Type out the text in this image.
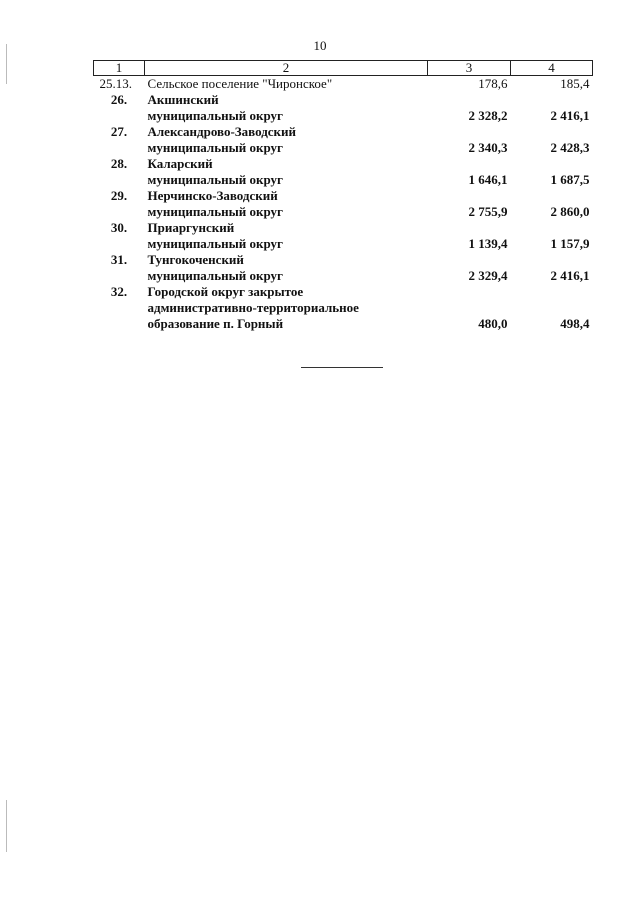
10
1	2	3	4
25.13.	Сельское поселение "Чиронское"	178,6	185,4
26.	Акшинский
муниципальный округ	2 328,2	2 416,1
27.	Александрово-Заводский
муниципальный округ	2 340,3	2 428,3
28.	Каларский
муниципальный округ	1 646,1	1 687,5
29.	Нерчинско-Заводский
муниципальный округ	2 755,9	2 860,0
30.	Приаргунский
муниципальный округ	1 139,4	1 157,9
31.	Тунгокоченский
муниципальный округ	2 329,4	2 416,1
32.	Городской округ закрытое
административно-территориальное
образование п. Горный	480,0	498,4
